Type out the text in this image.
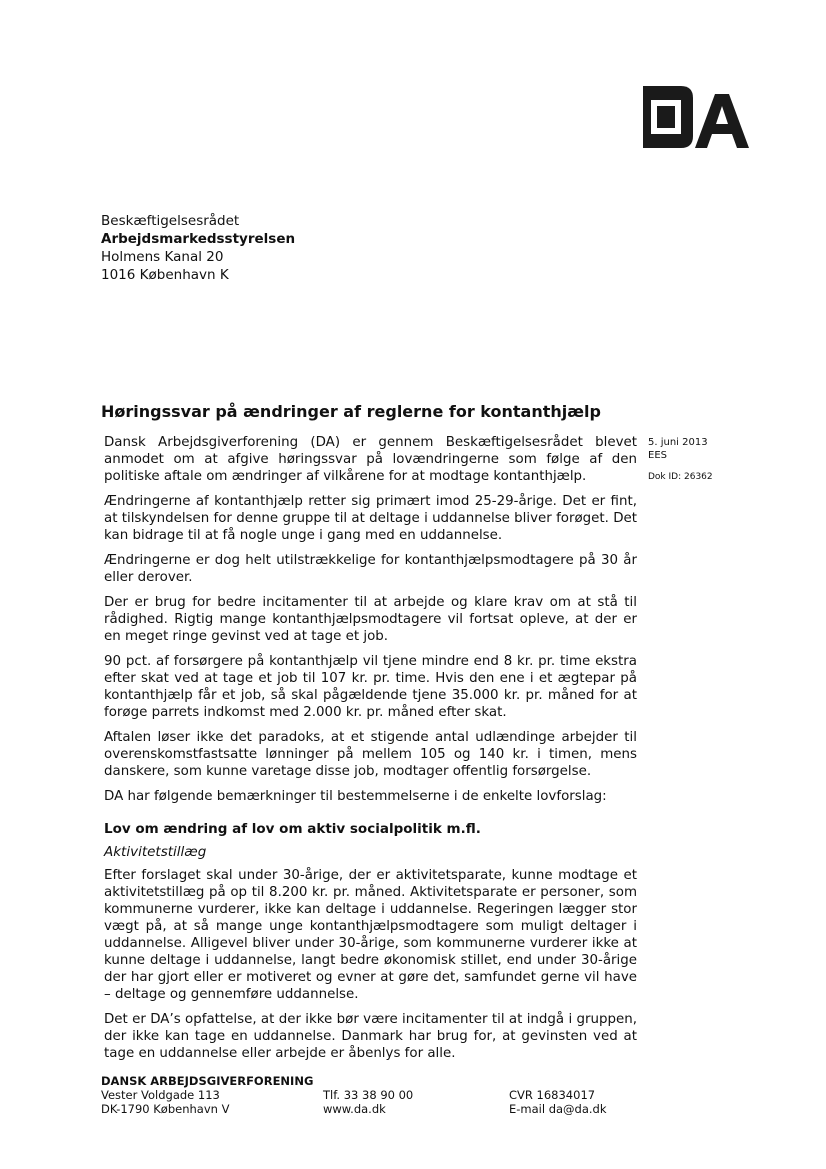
Beskæftigelsesrådet
Arbejdsmarkedsstyrelsen
Holmens Kanal 20
1016 København K
Høringssvar på ændringer af reglerne for kontanthjælp
5. juni 2013
EES
Dok ID: 26362

Dansk Arbejdsgiverforening (DA) er gennem Beskæftigelsesrådet blevet anmodet om at afgive høringssvar på lovændringerne som følge af den politiske aftale om ændringer af vilkårene for at modtage kontanthjælp.

Ændringerne af kontanthjælp retter sig primært imod 25-29-årige. Det er fint, at tilskyndelsen for denne gruppe til at deltage i uddannelse bliver forøget. Det kan bidrage til at få nogle unge i gang med en uddannelse.

Ændringerne er dog helt utilstrækkelige for kontanthjælpsmodtagere på 30 år eller derover.

Der er brug for bedre incitamenter til at arbejde og klare krav om at stå til rådighed. Rigtig mange kontanthjælpsmodtagere vil fortsat opleve, at der er en meget ringe gevinst ved at tage et job.

90 pct. af forsørgere på kontanthjælp vil tjene mindre end 8 kr. pr. time ekstra efter skat ved at tage et job til 107 kr. pr. time. Hvis den ene i et ægtepar på kontanthjælp får et job, så skal pågældende tjene 35.000 kr. pr. måned for at forøge parrets indkomst med 2.000 kr. pr. måned efter skat.

Aftalen løser ikke det paradoks, at et stigende antal udlændinge arbejder til overenskomstfastsatte lønninger på mellem 105 og 140 kr. i timen, mens danskere, som kunne varetage disse job, modtager offentlig forsørgelse.

DA har følgende bemærkninger til bestemmelserne i de enkelte lovforslag:

Lov om ændring af lov om aktiv socialpolitik m.fl.
Aktivitetstillæg

Efter forslaget skal under 30-årige, der er aktivitetsparate, kunne modtage et aktivitetstillæg på op til 8.200 kr. pr. måned. Aktivitetsparate er personer, som kommunerne vurderer, ikke kan deltage i uddannelse. Regeringen lægger stor vægt på, at så mange unge kontanthjælpsmodtagere som muligt deltager i uddannelse. Alligevel bliver under 30-årige, som kommunerne vurderer ikke at kunne deltage i uddannelse, langt bedre økonomisk stillet, end under 30-årige der har gjort eller er motiveret og evner at gøre det, samfundet gerne vil have – deltage og gennemføre uddannelse.

Det er DA’s opfattelse, at der ikke bør være incitamenter til at indgå i gruppen, der ikke kan tage en uddannelse. Danmark har brug for, at gevinsten ved at tage en uddannelse eller arbejde er åbenlys for alle.

DANSK ARBEJDSGIVERFORENING
Vester Voldgade 113
DK-1790 København V
Tlf. 33 38 90 00
www.da.dk
CVR 16834017
E-mail da@da.dk
